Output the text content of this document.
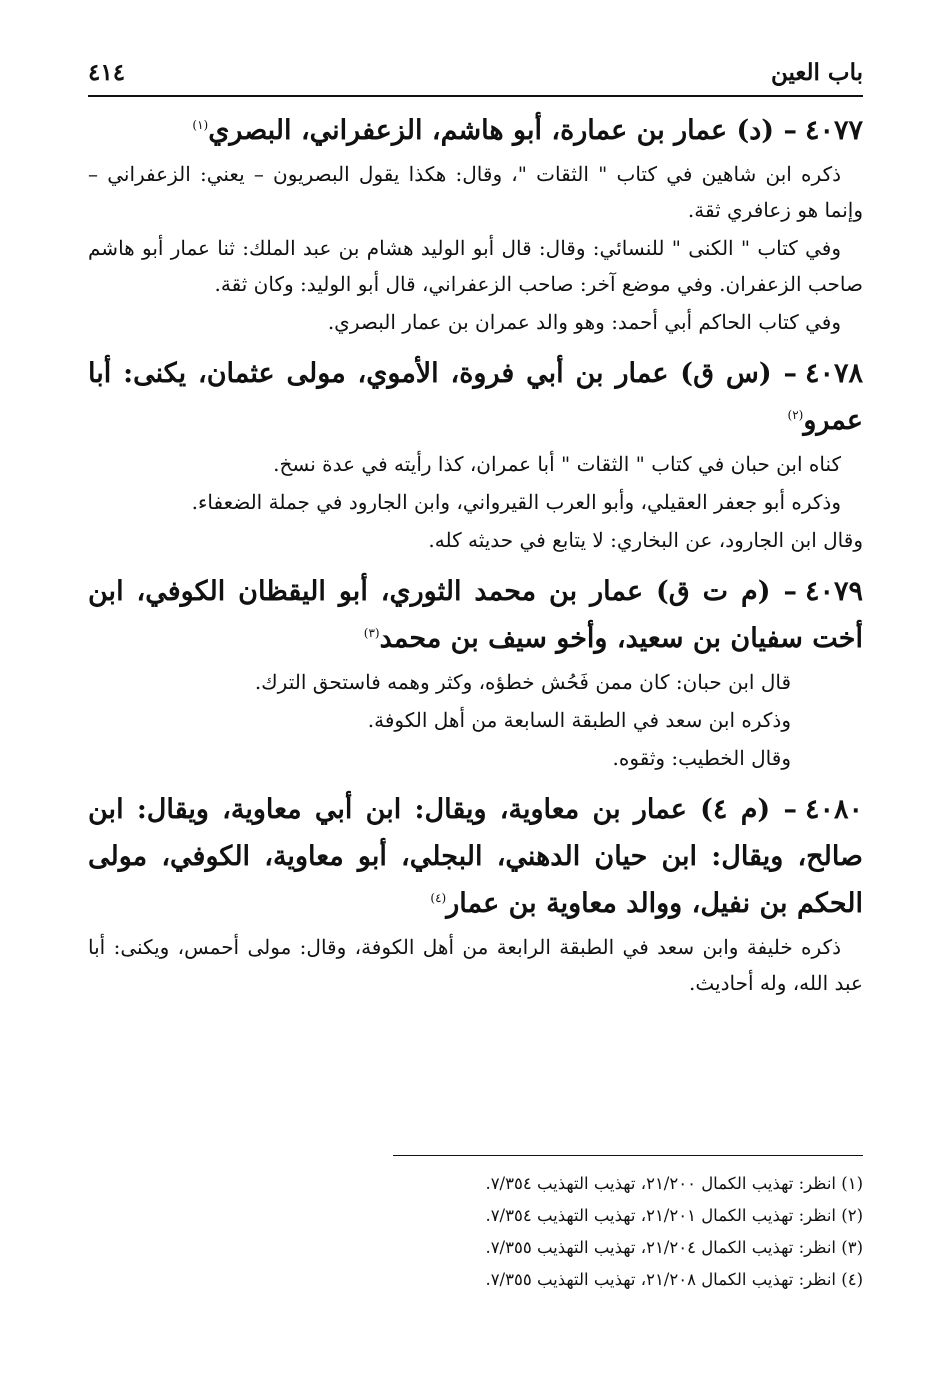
باب العين
٤١٤

٤٠٧٧– (د) عمار بن عمارة، أبو هاشم، الزعفراني، البصري$^{(١)}$

ذكره ابن شاهين في كتاب " الثقات "، وقال: هكذا يقول البصريون – يعني: الزعفراني – وإنما هو زعافري ثقة.

وفي كتاب " الكنى " للنسائي: وقال: قال أبو الوليد هشام بن عبد الملك: ثنا عمار أبو هاشم صاحب الزعفران. وفي موضع آخر: صاحب الزعفراني، قال أبو الوليد: وكان ثقة.

وفي كتاب الحاكم أبي أحمد: وهو والد عمران بن عمار البصري.

٤٠٧٨– (س ق) عمار بن أبي فروة، الأموي، مولى عثمان، يكنى: أبا عمرو$^{(٢)}$

كناه ابن حبان في كتاب " الثقات " أبا عمران، كذا رأيته في عدة نسخ.

وذكره أبو جعفر العقيلي، وأبو العرب القيرواني، وابن الجارود في جملة الضعفاء.

وقال ابن الجارود، عن البخاري: لا يتابع في حديثه كله.

٤٠٧٩– (م ت ق) عمار بن محمد الثوري، أبو اليقظان الكوفي، ابن أخت سفيان بن سعيد، وأخو سيف بن محمد$^{(٣)}$

قال ابن حبان: كان ممن فَحُش خطؤه، وكثر وهمه فاستحق الترك.

وذكره ابن سعد في الطبقة السابعة من أهل الكوفة.

وقال الخطيب: وثقوه.

٤٠٨٠– (م ٤) عمار بن معاوية، ويقال: ابن أبي معاوية، ويقال: ابن صالح، ويقال: ابن حيان الدهني، البجلي، أبو معاوية، الكوفي، مولى الحكم بن نفيل، ووالد معاوية بن عمار$^{(٤)}$

ذكره خليفة وابن سعد في الطبقة الرابعة من أهل الكوفة، وقال: مولى أحمس، ويكنى: أبا عبد الله، وله أحاديث.

(١) انظر: تهذيب الكمال ٢١/٢٠٠، تهذيب التهذيب ٧/٣٥٤.
(٢) انظر: تهذيب الكمال ٢١/٢٠١، تهذيب التهذيب ٧/٣٥٤.
(٣) انظر: تهذيب الكمال ٢١/٢٠٤، تهذيب التهذيب ٧/٣٥٥.
(٤) انظر: تهذيب الكمال ٢١/٢٠٨، تهذيب التهذيب ٧/٣٥٥.
